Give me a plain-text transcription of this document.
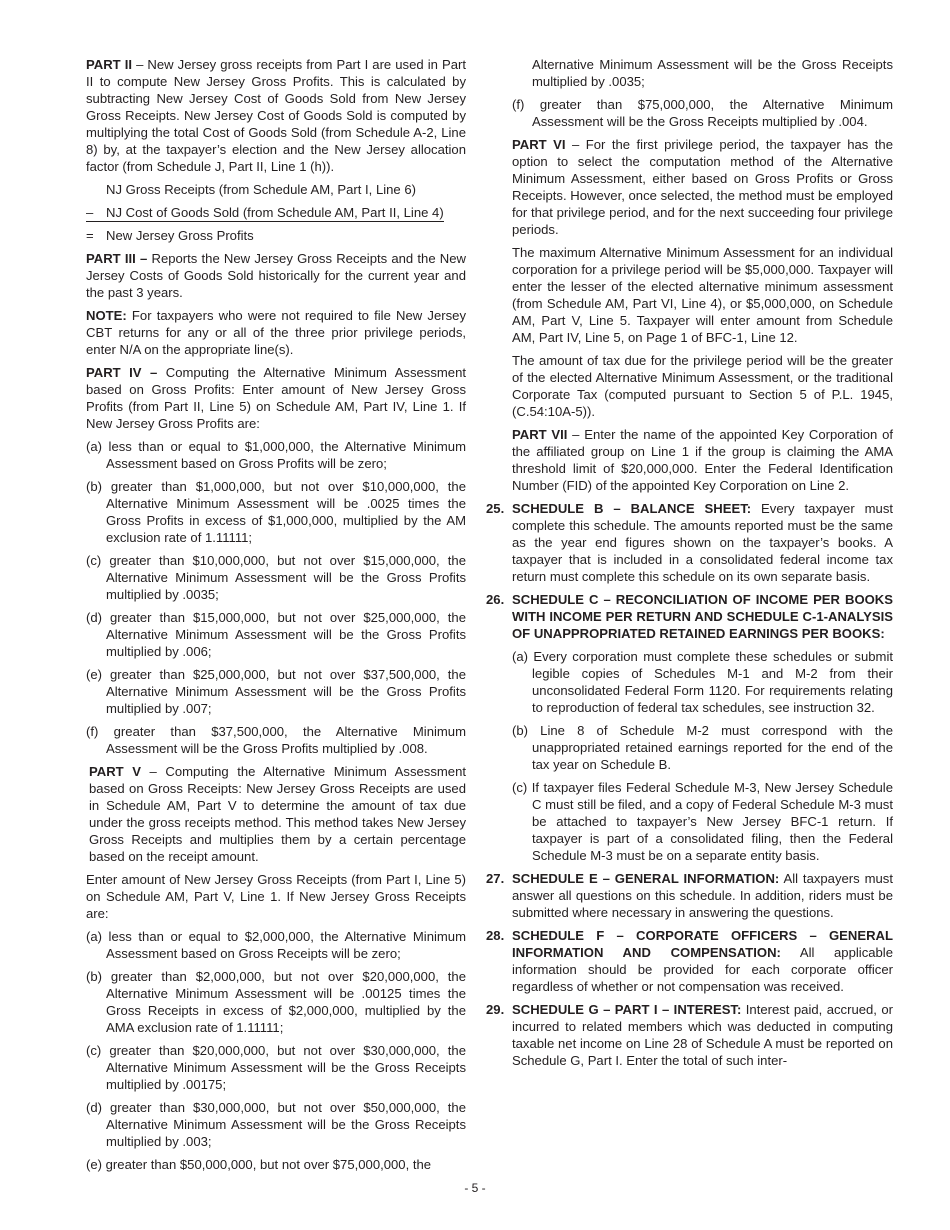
PART II – New Jersey gross receipts from Part I are used in Part II to compute New Jersey Gross Profits. This is calculated by subtracting New Jersey Cost of Goods Sold from New Jersey Gross Receipts. New Jersey Cost of Goods Sold is computed by multiplying the total Cost of Goods Sold (from Schedule A-2, Line 8) by, at the taxpayer’s election and the New Jersey allocation factor (from Schedule J, Part II, Line 1 (h)).

NJ Gross Receipts (from Schedule AM, Part I, Line 6)
– NJ Cost of Goods Sold (from Schedule AM, Part II, Line 4)
= New Jersey Gross Profits

PART III – Reports the New Jersey Gross Receipts and the New Jersey Costs of Goods Sold historically for the current year and the past 3 years.

NOTE: For taxpayers who were not required to file New Jersey CBT returns for any or all of the three prior privilege periods, enter N/A on the appropriate line(s).

PART IV – Computing the Alternative Minimum Assessment based on Gross Profits: Enter amount of New Jersey Gross Profits (from Part II, Line 5) on Schedule AM, Part IV, Line 1. If New Jersey Gross Profits are:

(a) less than or equal to $1,000,000, the Alternative Minimum Assessment based on Gross Profits will be zero;

(b) greater than $1,000,000, but not over $10,000,000, the Alternative Minimum Assessment will be .0025 times the Gross Profits in excess of $1,000,000, multiplied by the AM exclusion rate of 1.11111;

(c) greater than $10,000,000, but not over $15,000,000, the Alternative Minimum Assessment will be the Gross Profits multiplied by .0035;

(d) greater than $15,000,000, but not over $25,000,000, the Alternative Minimum Assessment will be the Gross Profits multiplied by .006;

(e) greater than $25,000,000, but not over $37,500,000, the Alternative Minimum Assessment will be the Gross Profits multiplied by .007;

(f) greater than $37,500,000, the Alternative Minimum Assessment will be the Gross Profits multiplied by .008.

PART V – Computing the Alternative Minimum Assessment based on Gross Receipts: New Jersey Gross Receipts are used in Schedule AM, Part V to determine the amount of tax due under the gross receipts method. This method takes New Jersey Gross Receipts and multiplies them by a certain percentage based on the receipt amount.

Enter amount of New Jersey Gross Receipts (from Part I, Line 5) on Schedule AM, Part V, Line 1. If New Jersey Gross Receipts are:

(a) less than or equal to $2,000,000, the Alternative Minimum Assessment based on Gross Receipts will be zero;

(b) greater than $2,000,000, but not over $20,000,000, the Alternative Minimum Assessment will be .00125 times the Gross Receipts in excess of $2,000,000, multiplied by the AMA exclusion rate of 1.11111;

(c) greater than $20,000,000, but not over $30,000,000, the Alternative Minimum Assessment will be the Gross Receipts multiplied by .00175;

(d) greater than $30,000,000, but not over $50,000,000, the Alternative Minimum Assessment will be the Gross Receipts multiplied by .003;

(e) greater than $50,000,000, but not over $75,000,000, the

Alternative Minimum Assessment will be the Gross Receipts multiplied by .0035;

(f) greater than $75,000,000, the Alternative Minimum Assessment will be the Gross Receipts multiplied by .004.

PART VI – For the first privilege period, the taxpayer has the option to select the computation method of the Alternative Minimum Assessment, either based on Gross Profits or Gross Receipts. However, once selected, the method must be employed for that privilege period, and for the next succeeding four privilege periods.

The maximum Alternative Minimum Assessment for an individual corporation for a privilege period will be $5,000,000. Taxpayer will enter the lesser of the elected alternative minimum assessment (from Schedule AM, Part VI, Line 4), or $5,000,000, on Schedule AM, Part V, Line 5. Taxpayer will enter amount from Schedule AM, Part IV, Line 5, on Page 1 of BFC-1, Line 12.

The amount of tax due for the privilege period will be the greater of the elected Alternative Minimum Assessment, or the traditional Corporate Tax (computed pursuant to Section 5 of P.L. 1945, (C.54:10A-5)).

PART VII – Enter the name of the appointed Key Corporation of the affiliated group on Line 1 if the group is claiming the AMA threshold limit of $20,000,000. Enter the Federal Identification Number (FID) of the appointed Key Corporation on Line 2.

25. SCHEDULE B – BALANCE SHEET: Every taxpayer must complete this schedule. The amounts reported must be the same as the year end figures shown on the taxpayer’s books. A taxpayer that is included in a consolidated federal income tax return must complete this schedule on its own separate basis.
26. SCHEDULE C – RECONCILIATION OF INCOME PER BOOKS WITH INCOME PER RETURN AND SCHEDULE C-1-ANALYSIS OF UNAPPROPRIATED RETAINED EARNINGS PER BOOKS:

(a) Every corporation must complete these schedules or submit legible copies of Schedules M-1 and M-2 from their unconsolidated Federal Form 1120. For requirements relating to reproduction of federal tax schedules, see instruction 32.

(b) Line 8 of Schedule M-2 must correspond with the unappropriated retained earnings reported for the end of the tax year on Schedule B.

(c) If taxpayer files Federal Schedule M-3, New Jersey Schedule C must still be filed, and a copy of Federal Schedule M-3 must be attached to taxpayer’s New Jersey BFC-1 return. If taxpayer is part of a consolidated filing, then the Federal Schedule M-3 must be on a separate entity basis.

27. SCHEDULE E – GENERAL INFORMATION: All taxpayers must answer all questions on this schedule. In addition, riders must be submitted where necessary in answering the questions.
28. SCHEDULE F – CORPORATE OFFICERS – GENERAL INFORMATION AND COMPENSATION: All applicable information should be provided for each corporate officer regardless of whether or not compensation was received.
29. SCHEDULE G – PART I – INTEREST: Interest paid, accrued, or incurred to related members which was deducted in computing taxable net income on Line 28 of Schedule A must be reported on Schedule G, Part I. Enter the total of such inter-
- 5 -
